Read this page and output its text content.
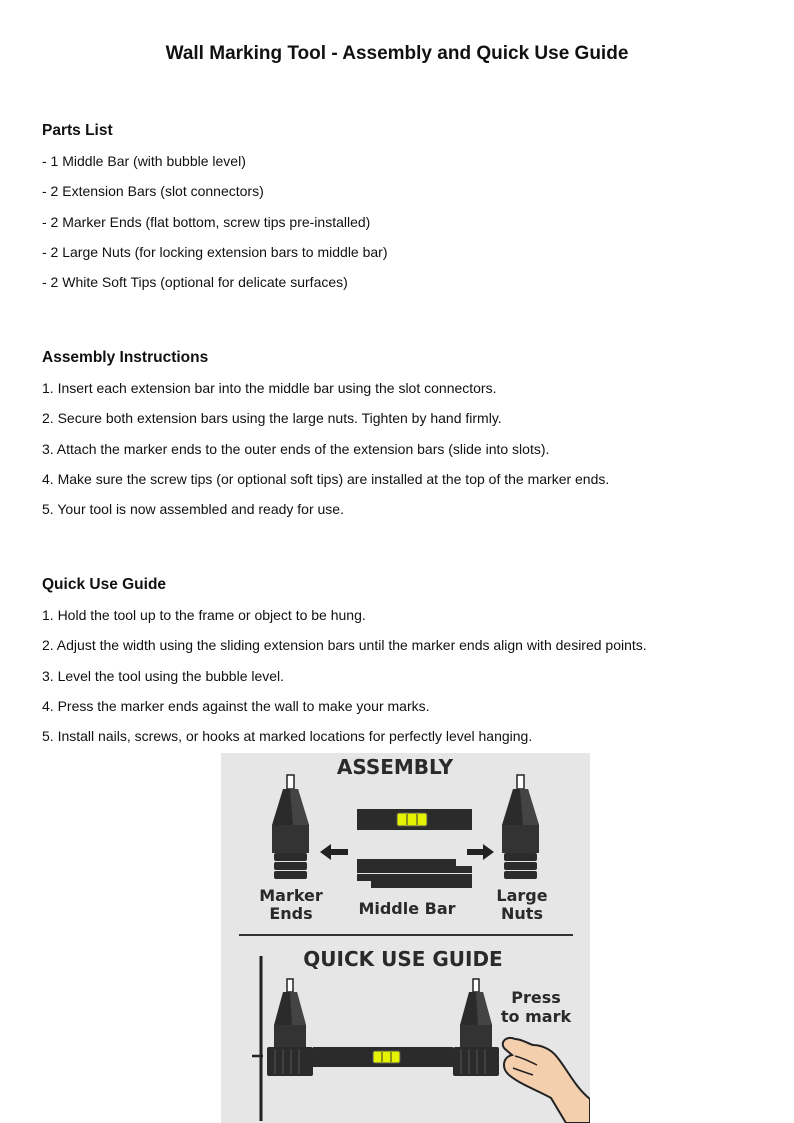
Wall Marking Tool - Assembly and Quick Use Guide
Parts List
- 1 Middle Bar (with bubble level)
- 2 Extension Bars (slot connectors)
- 2 Marker Ends (flat bottom, screw tips pre-installed)
- 2 Large Nuts (for locking extension bars to middle bar)
- 2 White Soft Tips (optional for delicate surfaces)
Assembly Instructions
1. Insert each extension bar into the middle bar using the slot connectors.
2. Secure both extension bars using the large nuts. Tighten by hand firmly.
3. Attach the marker ends to the outer ends of the extension bars (slide into slots).
4. Make sure the screw tips (or optional soft tips) are installed at the top of the marker ends.
5. Your tool is now assembled and ready for use.
Quick Use Guide
1. Hold the tool up to the frame or object to be hung.
2. Adjust the width using the sliding extension bars until the marker ends align with desired points.
3. Level the tool using the bubble level.
4. Press the marker ends against the wall to make your marks.
5. Install nails, screws, or hooks at marked locations for perfectly level hanging.
ASSEMBLY
Marker
Ends	Middle Bar
Large
Nuts
QUICK USE GUIDE
Press
to mark
